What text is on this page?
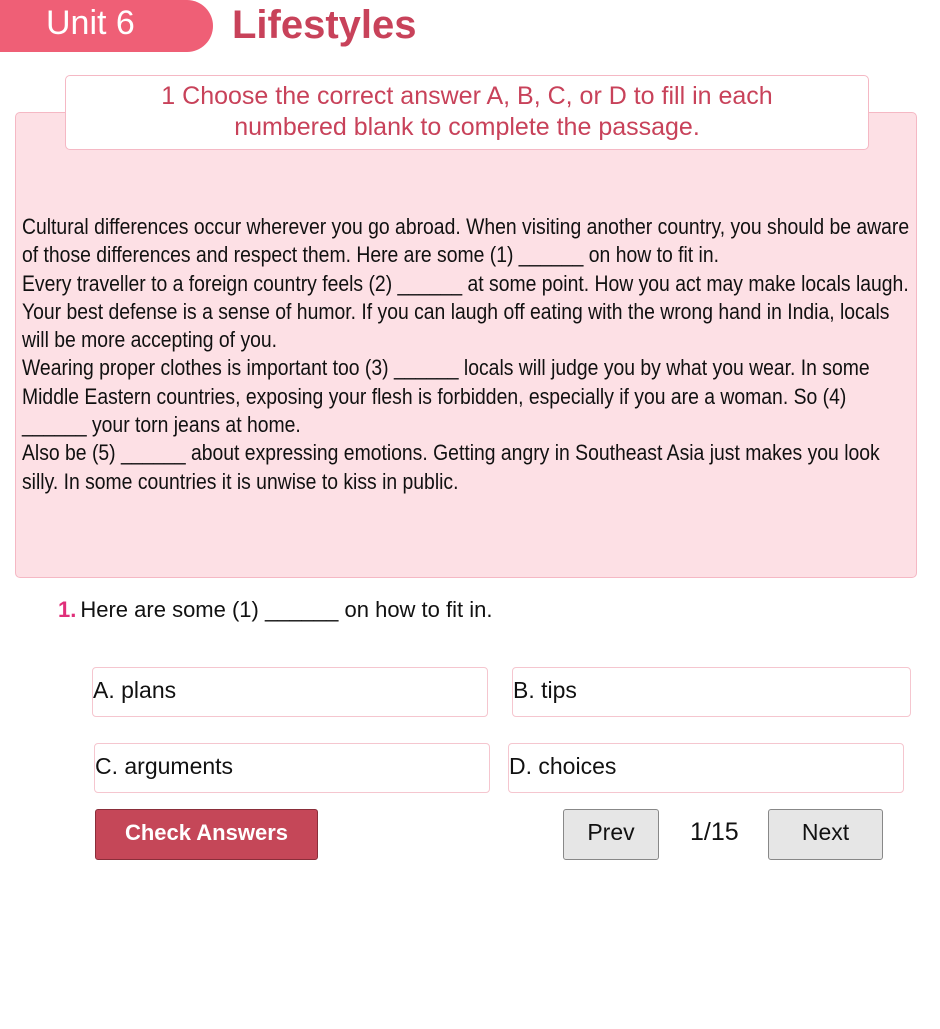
Unit 6	Lifestyles
1 Choose the correct answer A, B, C, or D to fill in each
numbered blank to complete the passage.

Cultural differences occur wherever you go abroad. When visiting another country, you should be aware of those differences and respect them. Here are some (1) ______ on how to fit in.

Every traveller to a foreign country feels (2) ______ at some point. How you act may make locals laugh. Your best defense is a sense of humor. If you can laugh off eating with the wrong hand in India, locals will be more accepting of you.

Wearing proper clothes is important too (3) ______ locals will judge you by what you wear. In some Middle Eastern countries, exposing your flesh is forbidden, especially if you are a woman. So (4) ______ your torn jeans at home.

Also be (5) ______ about expressing emotions. Getting angry in Southeast Asia just makes you look silly. In some countries it is unwise to kiss in public.

1. Here are some (1) ______ on how to fit in.
A. plans	B. tips
C. arguments	D. choices
Check Answers	Prev	1/15	Next
